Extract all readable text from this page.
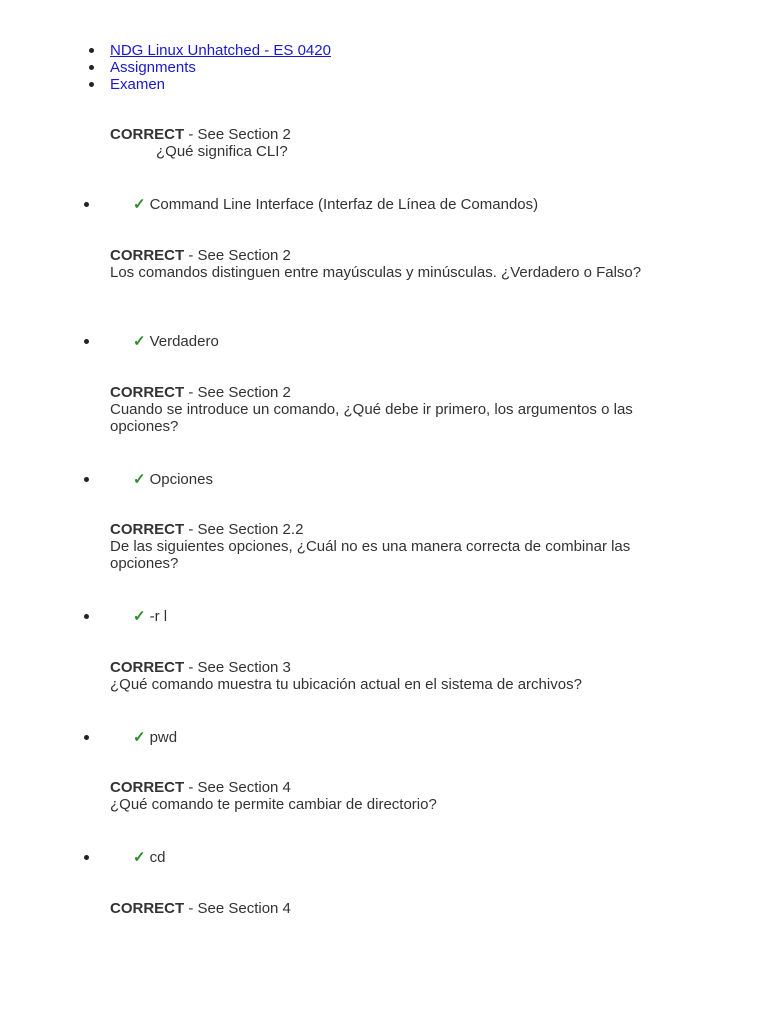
NDG Linux Unhatched - ES 0420
Assignments
Examen
CORRECT - See Section 2
¿Qué significa CLI?
✓ Command Line Interface (Interfaz de Línea de Comandos)
CORRECT - See Section 2
Los comandos distinguen entre mayúsculas y minúsculas. ¿Verdadero o Falso?
✓ Verdadero
CORRECT - See Section 2
Cuando se introduce un comando, ¿Qué debe ir primero, los argumentos o las opciones?
✓ Opciones
CORRECT - See Section 2.2
De las siguientes opciones, ¿Cuál no es una manera correcta de combinar las opciones?
✓ -r l
CORRECT - See Section 3
¿Qué comando muestra tu ubicación actual en el sistema de archivos?
✓ pwd
CORRECT - See Section 4
¿Qué comando te permite cambiar de directorio?
✓ cd
CORRECT - See Section 4
